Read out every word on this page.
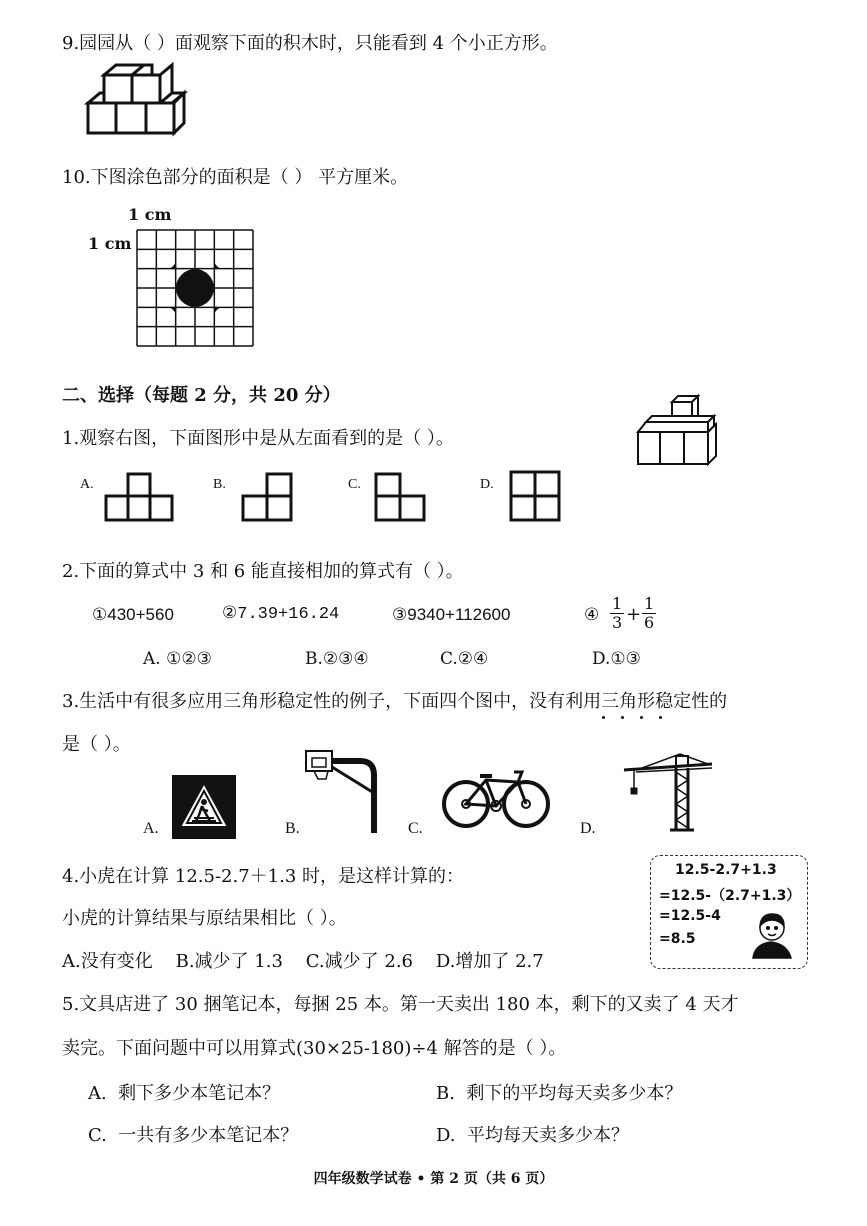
9.园园从（ ）面观察下面的积木时，只能看到 4 个小正方形。
10.下图涂色部分的面积是（ ） 平方厘米。
1 cm
1 cm
二、选择（每题 2 分，共 20 分）
1.观察右图，下面图形中是从左面看到的是（ ）。
A.	B.	C.	D.
2.下面的算式中 3 和 6 能直接相加的算式有（ ）。
①430+560	②7.39+16.24	③9340+112600	④ $\frac{1}{3} + \frac{1}{6}$
A. ①②③	B.②③④	C.②④	D.①③
3.生活中有很多应用三角形稳定性的例子，下面四个图中，没有利用三角形稳定性的
是（ ）。
A.	B.	C.	D.
4.小虎在计算 12.5-2.7＋1.3 时，是这样计算的：
小虎的计算结果与原结果相比（ ）。
A.没有变化    B.减少了 1.3    C.减少了 2.6    D.增加了 2.7
12.5-2.7+1.3
=12.5-（2.7+1.3）
=12.5-4
=8.5
5.文具店进了 30 捆笔记本，每捆 25 本。第一天卖出 180 本，剩下的又卖了 4 天才
卖完。下面问题中可以用算式(30×25-180)÷4 解答的是（ ）。
A.  剩下多少本笔记本？	B.  剩下的平均每天卖多少本？
C.  一共有多少本笔记本？	D.  平均每天卖多少本？
四年级数学试卷 • 第 2 页（共 6 页）
